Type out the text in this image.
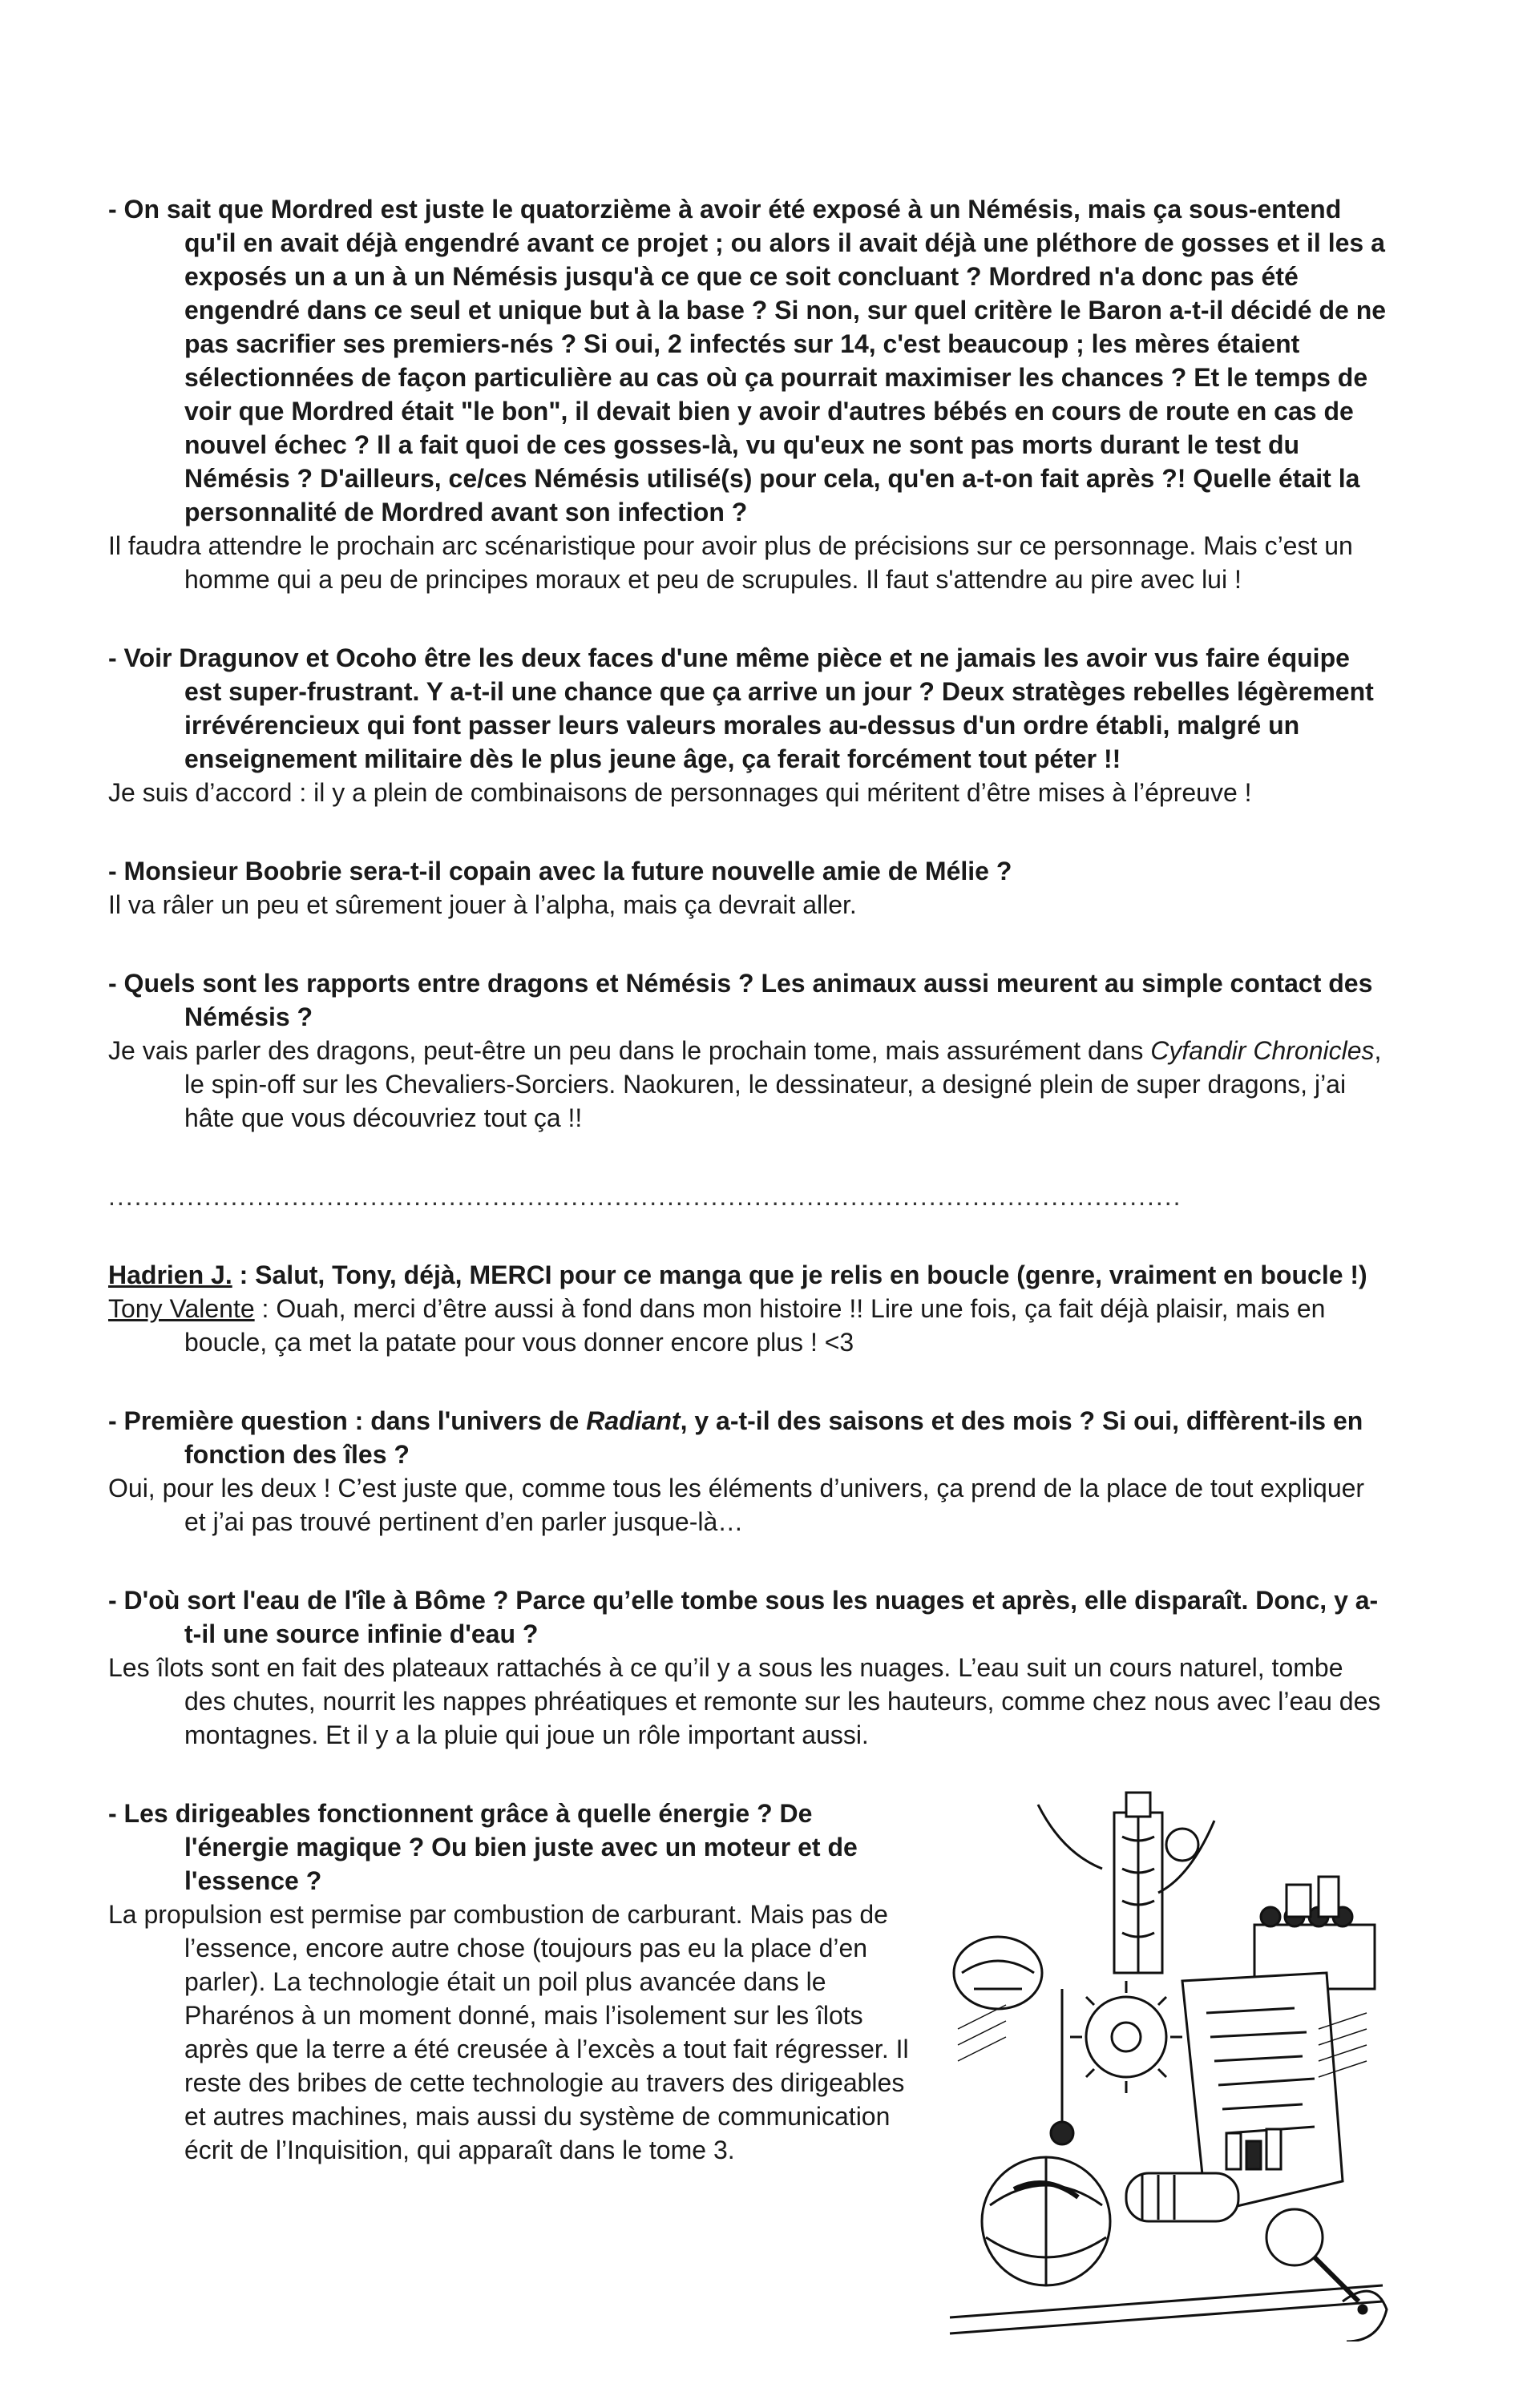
- On sait que Mordred est juste le quatorzième à avoir été exposé à un Némésis, mais ça sous-entend qu'il en avait déjà engendré avant ce projet ; ou alors il avait déjà une pléthore de gosses et il les a exposés un a un à un Némésis jusqu'à ce que ce soit concluant ? Mordred n'a donc pas été engendré dans ce seul et unique but à la base ? Si non, sur quel critère le Baron a-t-il décidé de ne pas sacrifier ses premiers-nés ? Si oui, 2 infectés sur 14, c'est beaucoup ; les mères étaient sélectionnées de façon particulière au cas où ça pourrait maximiser les chances ? Et le temps de voir que Mordred était "le bon", il devait bien y avoir d'autres bébés en cours de route en cas de nouvel échec ? Il a fait quoi de ces gosses-là, vu qu'eux ne sont pas morts durant le test du Némésis ? D'ailleurs, ce/ces Némésis utilisé(s) pour cela, qu'en a-t-on fait après ?! Quelle était la personnalité de Mordred avant son infection ?

Il faudra attendre le prochain arc scénaristique pour avoir plus de précisions sur ce personnage. Mais c’est un homme qui a peu de principes moraux et peu de scrupules. Il faut s'attendre au pire avec lui !

- Voir Dragunov et Ocoho être les deux faces d'une même pièce et ne jamais les avoir vus faire équipe est super-frustrant. Y a-t-il une chance que ça arrive un jour ? Deux stratèges rebelles légèrement irrévérencieux qui font passer leurs valeurs morales au-dessus d'un ordre établi, malgré un enseignement militaire dès le plus jeune âge, ça ferait forcément tout péter !!

Je suis d’accord : il y a plein de combinaisons de personnages qui méritent d’être mises à l’épreuve !

- Monsieur Boobrie sera-t-il copain avec la future nouvelle amie de Mélie ?

Il va râler un peu et sûrement jouer à l’alpha, mais ça devrait aller.

- Quels sont les rapports entre dragons et Némésis ? Les animaux aussi meurent au simple contact des Némésis ?

Je vais parler des dragons, peut-être un peu dans le prochain tome, mais assurément dans Cyfandir Chronicles, le spin-off sur les Chevaliers-Sorciers. Naokuren, le dessinateur, a designé plein de super dragons, j’ai hâte que vous découvriez tout ça !!

...........................................................................................................................

Hadrien J. : Salut, Tony, déjà, MERCI pour ce manga que je relis en boucle (genre, vraiment en boucle !)

Tony Valente : Ouah, merci d’être aussi à fond dans mon histoire !! Lire une fois, ça fait déjà plaisir, mais en boucle, ça met la patate pour vous donner encore plus ! <3

- Première question : dans l'univers de Radiant, y a-t-il des saisons et des mois ? Si oui, diffèrent-ils en fonction des îles ?

Oui, pour les deux ! C’est juste que, comme tous les éléments d’univers, ça prend de la place de tout expliquer et j’ai pas trouvé pertinent d’en parler jusque-là…

- D'où sort l'eau de l'île à Bôme ? Parce qu’elle tombe sous les nuages et après, elle disparaît. Donc, y a-t-il une source infinie d'eau ?

Les îlots sont en fait des plateaux rattachés à ce qu’il y a sous les nuages. L’eau suit un cours naturel, tombe des chutes, nourrit les nappes phréatiques et remonte sur les hauteurs, comme chez nous avec l’eau des montagnes. Et il y a la pluie qui joue un rôle important aussi.

- Les dirigeables fonctionnent grâce à quelle énergie ? De l'énergie magique ? Ou bien juste avec un moteur et de l'essence ?

La propulsion est permise par combustion de carburant. Mais pas de l’essence, encore autre chose (toujours pas eu la place d’en parler). La technologie était un poil plus avancée dans le Pharénos à un moment donné, mais l’isolement sur les îlots après que la terre a été creusée à l’excès a tout fait régresser. Il reste des bribes de cette technologie au travers des dirigeables et autres machines, mais aussi du système de communication écrit de l’Inquisition, qui apparaît dans le tome 3.
